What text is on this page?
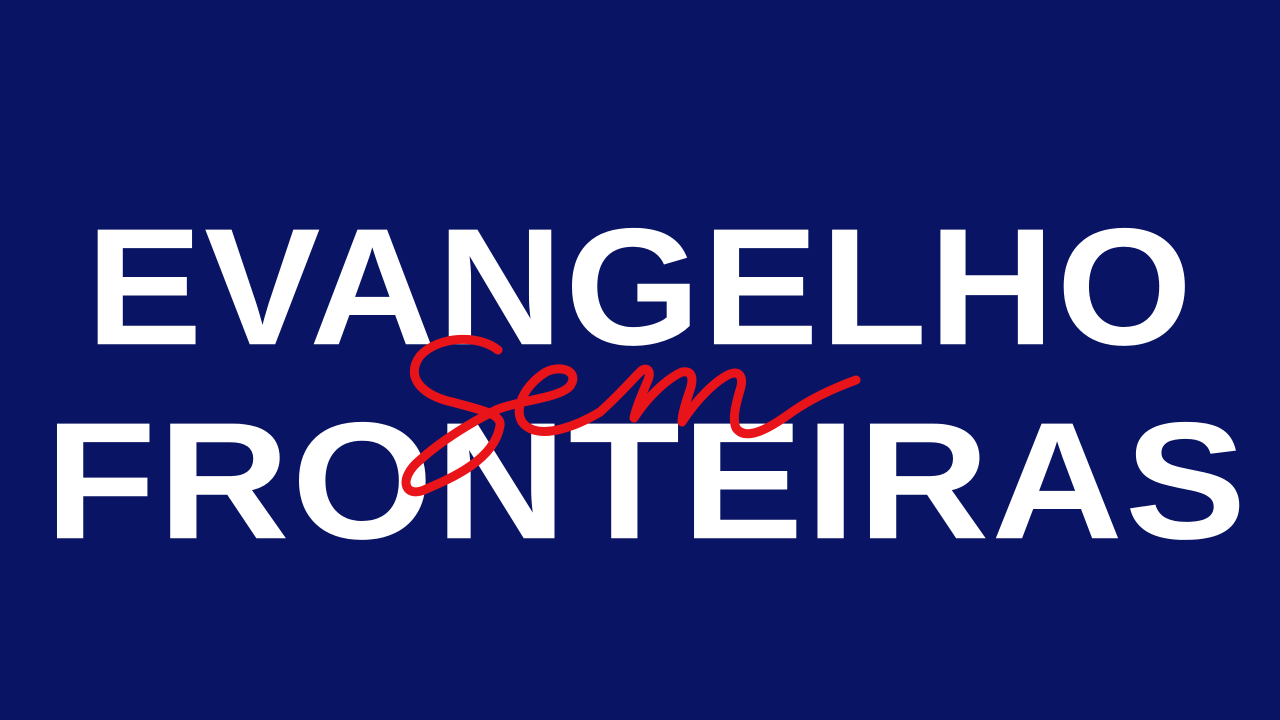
EVANGELHO
FRONTEIRAS
